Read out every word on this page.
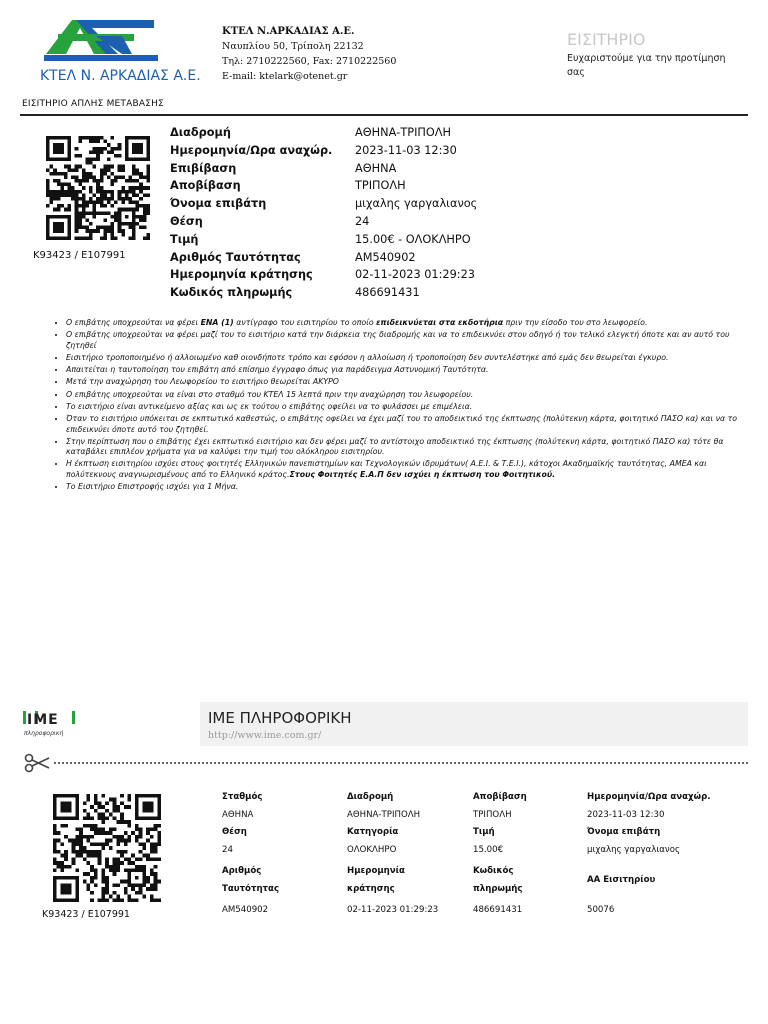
ΚΤΕΛ Ν. ΑΡΚΑΔΙΑΣ Α.Ε.
ΚΤΕΛ Ν.ΑΡΚΑΔΙΑΣ Α.Ε.
Ναυπλίου 50, Τρίπολη 22132
Τηλ: 2710222560, Fax: 2710222560
E-mail: ktelark@otenet.gr
ΕΙΣΙΤΗΡΙΟ
Ευχαριστούμε για την προτίμηση σας
ΕΙΣΙΤΗΡΙΟ ΑΠΛΗΣ ΜΕΤΑΒΑΣΗΣ
K93423 / E107991
Διαδρομή	ΑΘΗΝΑ-ΤΡΙΠΟΛΗ
Ημερομηνία/Ωρα αναχώρ. 2023-11-03 12:30
Επιβίβαση	ΑΘΗΝΑ
Αποβίβαση	ΤΡΙΠΟΛΗ
Όνομα επιβάτη	μιχαλης γαργαλιανος
Θέση	24
Τιμή	15.00€ - ΟΛΟΚΛΗΡΟ
Αριθμός Ταυτότητας	AM540902
Ημερομηνία κράτησης	02-11-2023 01:29:23
Κωδικός πληρωμής	486691431
• Ο επιβάτης υποχρεούται να φέρει ΕΝΑ (1) αντίγραφο του εισιτηρίου το οποίο επιδεικνύεται στα εκδοτήρια πριν την είσοδο του στο λεωφορείο.
• Ο επιβάτης υποχρεούται να φέρει μαζί του το εισιτήριο κατά την διάρκεια της διαδρομής και να το επιδεικνύει στον οδηγό ή τον τελικό ελεγκτή όποτε και αν αυτό του ζητηθεί
• Εισιτήριο τροποποιημένο ή αλλοιωμένο καθ οιονδήποτε τρόπο και εφόσον η αλλοίωση ή τροποποίηση δεν συντελέστηκε από εμάς δεν θεωρείται έγκυρο.
• Απαιτείται η ταυτοποίηση του επιβάτη από επίσημο έγγραφο όπως για παράδειγμα Αστυνομική Ταυτότητα.
• Μετά την αναχώρηση του Λεωφορείου το εισιτήριο θεωρείται ΑΚΥΡΟ
• Ο επιβάτης υποχρεούται να είναι στο σταθμό του ΚΤΕΛ 15 λεπτά πριν την αναχώρηση του λεωφορείου.
• Το εισιτήριο είναι αντικείμενο αξίας και ως εκ τούτου ο επιβάτης οφείλει να το φυλάσσει με επιμέλεια.
• Όταν το εισιτήριο υπόκειται σε εκπτωτικό καθεστώς, ο επιβάτης οφείλει να έχει μαζί του το αποδεικτικό της έκπτωσης (πολύτεκνη κάρτα, φοιτητικό ΠΑΣΟ κα) και να το επιδεικνύει όποτε αυτό του ζητηθεί.
• Στην περίπτωση που ο επιβάτης έχει εκπτωτικό εισιτήριο και δεν φέρει μαζί το αντίστοιχο αποδεικτικό της έκπτωσης (πολύτεκνη κάρτα, φοιτητικό ΠΑΣΟ κα) τότε θα καταβάλει επιπλέον χρήματα για να καλύψει την τιμή του ολόκληρου εισιτηρίου.
• Η έκπτωση εισιτηρίου ισχύει στους φοιτητές Ελληνικών πανεπιστημίων και Τεχνολογικών ιδρυμάτων( Α.Ε.Ι. & Τ.Ε.Ι.), κάτοχοι Ακαδημαϊκής ταυτότητας, ΑΜΕΑ και πολύτεκνους αναγνωρισμένους από το Ελληνικό κράτος.Στους Φοιτητές Ε.Α.Π δεν ισχύει η έκπτωση του Φοιτητικού.
• Το Εισιτήριο Επιστροφής ισχύει για 1 Μήνα.
ΙΜΕ
πληροφορική
ΙΜΕ ΠΛΗΡΟΦΟΡΙΚΗ
http://www.ime.com.gr/
K93423 / E107991
Σταθμός	Διαδρομή	Αποβίβαση	Ημερομηνία/Ωρα αναχώρ.
ΑΘΗΝΑ	ΑΘΗΝΑ-ΤΡΙΠΟΛΗ	ΤΡΙΠΟΛΗ	2023-11-03 12:30
Θέση	Κατηγορία	Τιμή	Όνομα επιβάτη
24	ΟΛΟΚΛΗΡΟ	15.00€	μιχαλης γαργαλιανος
Αριθμός
Ταυτότητας
Ημερομηνία
κράτησης
Κωδικός
πληρωμής
ΑΑ Εισιτηρίου
AM540902	02-11-2023 01:29:23	486691431	50076
